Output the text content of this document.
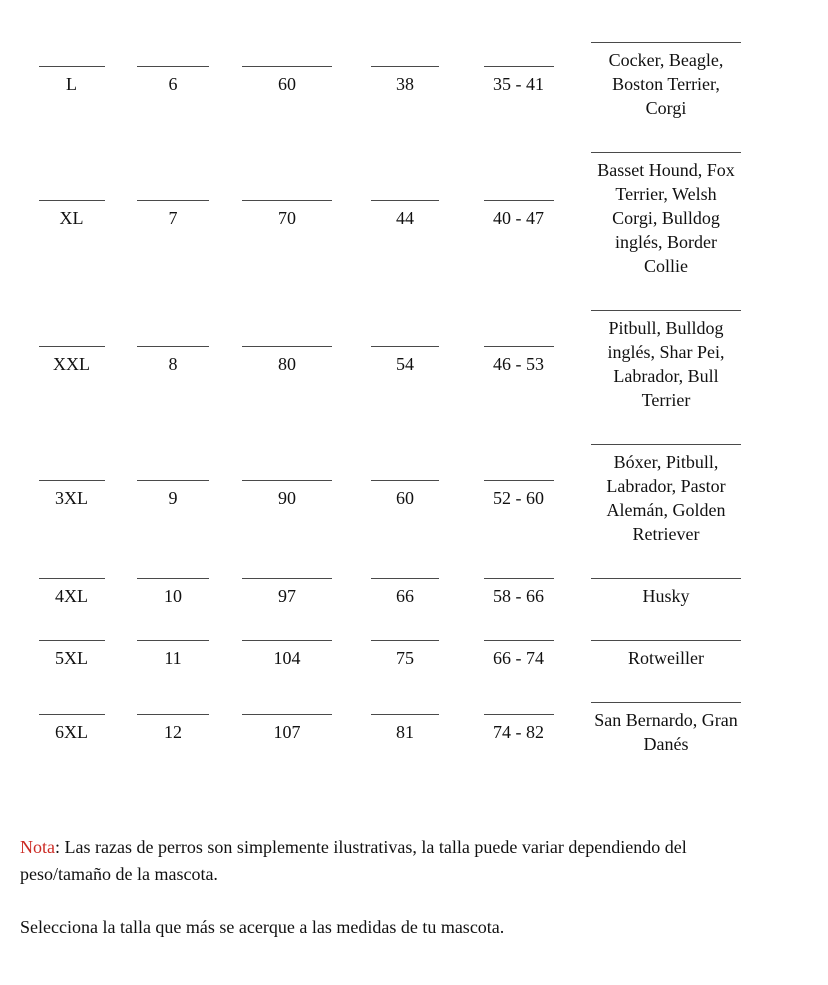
L	6	60	38	35 - 41	Cocker, Beagle, Boston Terrier, Corgi

XL	7	70	44	40 - 47	Basset Hound, Fox Terrier, Welsh Corgi, Bulldog inglés, Border Collie

XXL	8	80	54	46 - 53	Pitbull, Bulldog inglés, Shar Pei, Labrador, Bull Terrier

3XL	9	90	60	52 - 60	Bóxer, Pitbull, Labrador, Pastor Alemán, Golden Retriever

4XL	10	97	66	58 - 66	Husky

5XL	11	104	75	66 - 74	Rotweiller

6XL	12	107	81	74 - 82	San Bernardo, Gran Danés

Nota: Las razas de perros son simplemente ilustrativas, la talla puede variar dependiendo del peso/tamaño de la mascota.

Selecciona la talla que más se acerque a las medidas de tu mascota.
